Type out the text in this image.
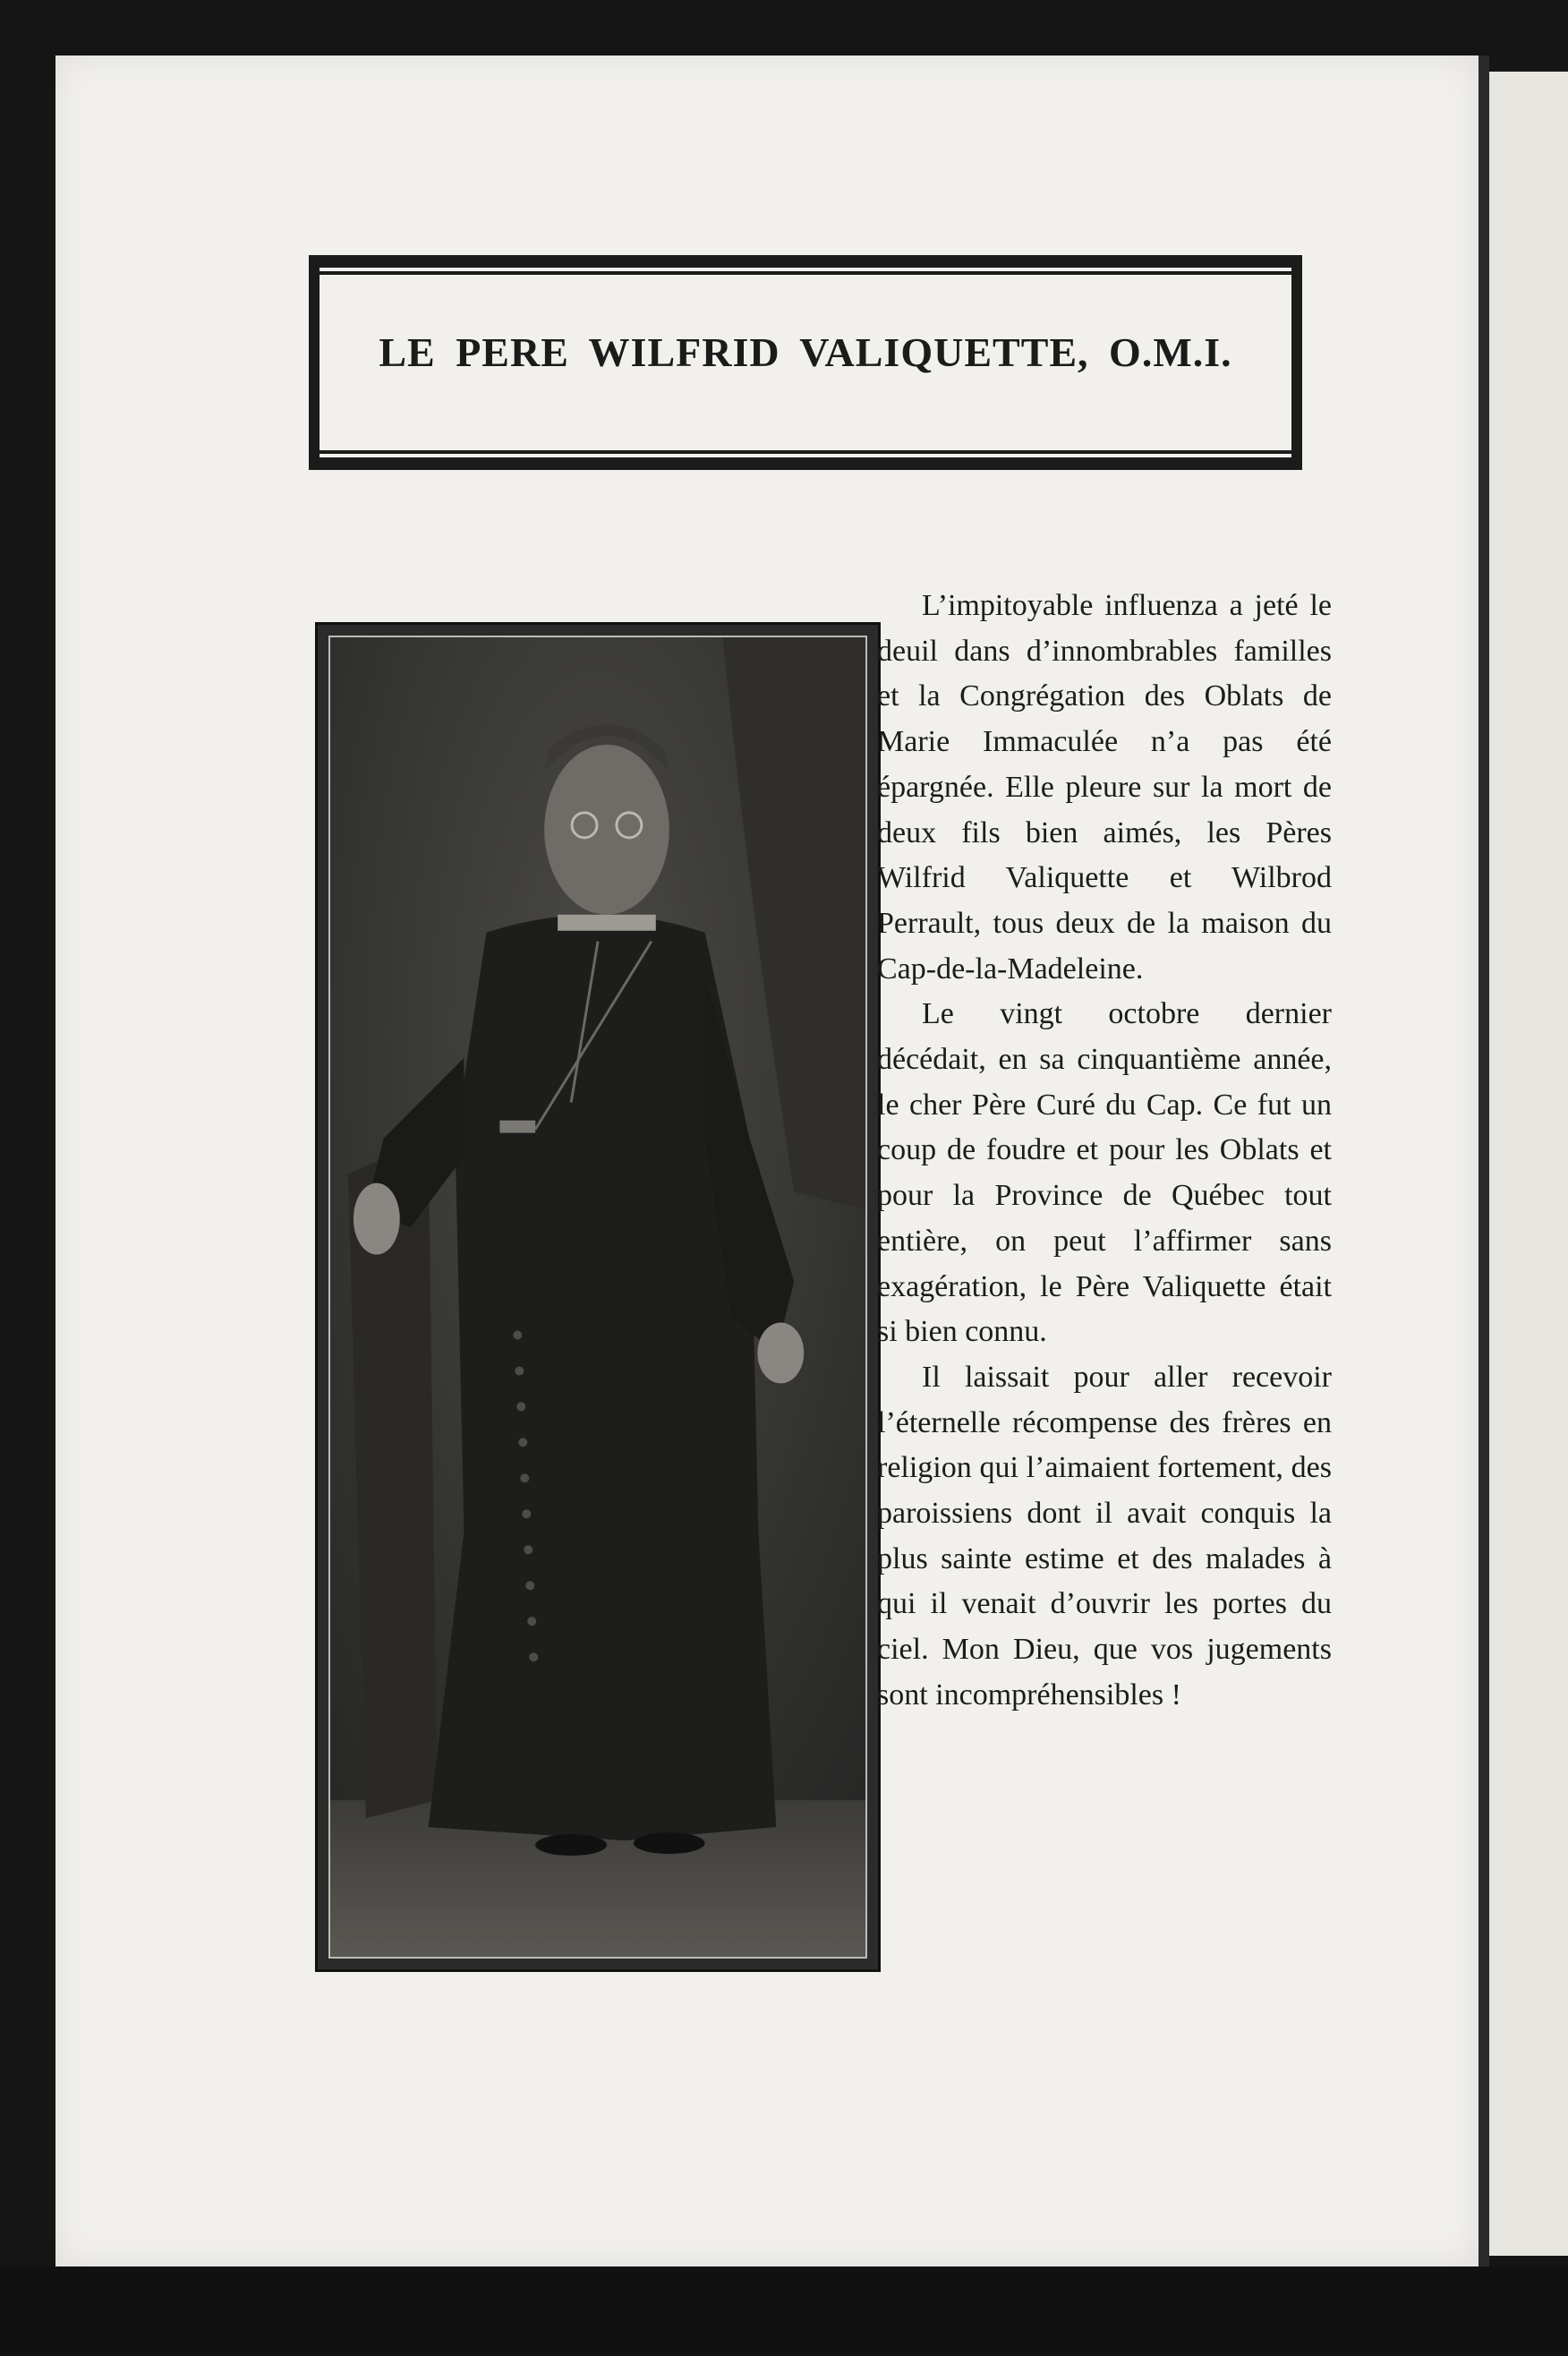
LE PERE WILFRID VALIQUETTE, O.M.I.

L’impitoyable influenza a jeté le deuil dans d’innombrables familles et la Congrégation des Oblats de Marie Immaculée n’a pas été épargnée. Elle pleure sur la mort de deux fils bien aimés, les Pères Wilfrid Valiquette et Wilbrod Perrault, tous deux de la maison du Cap-de-la-Madeleine.

Le vingt octobre dernier décédait, en sa cinquantième année, le cher Père Curé du Cap. Ce fut un coup de foudre et pour les Oblats et pour la Province de Québec tout entière, on peut l’affirmer sans exagération, le Père Valiquette était si bien connu.

Il laissait pour aller recevoir l’éternelle récompense des frères en religion qui l’aimaient fortement, des paroissiens dont il avait conquis la plus sainte estime et des malades à qui il venait d’ouvrir les portes du ciel. Mon Dieu, que vos jugements sont incompréhensibles !
